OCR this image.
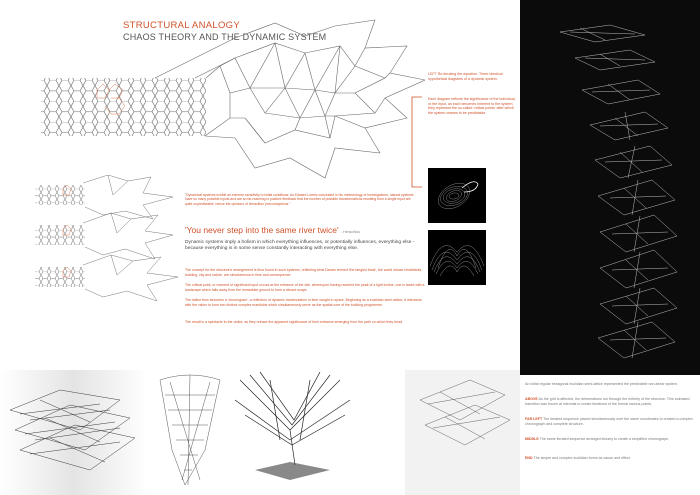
STRUCTURAL ANALOGY
CHAOS THEORY AND THE DYNAMIC SYSTEM
LEFT Re-iterating the equation. Three identical hypothetical diagrams of a dynamic system.
Each diagram reflects the significance of the individual, or the input, as each becomes inherent to the system, they represent the so-called 'critical points' after which the system ceases to be predictable.
"Dynamical systems exhibit an extreme sensitivity to initial conditions. As Edward Lorenz concluded in his meteorology of investigations, natural systems have so many possible inputs and are so far-reaching in positive feedback that the number of possible transformations resulting from a single input are quite unpredictable, hence the opinions of Heraclitus' preconceptions."
'You never step into the same river twice' - Heraclitus
Dynamic systems imply a holism in which everything influences, or potentially influences, everything else - because everything is in some sense constantly interacting with everything else.
The concept for the structure's arrangement is thus found in such systems, reflecting what Darwin termed 'the tangled bank', the world whose inhabitants, building, city and nature, are simultaneous in time and consequence.
The critical point, or moment of significant input occurs at the entrance of the site, whereupon having reached the peak of a light incline, one is faced with a landscape which falls away from the immediate ground to form a vibrant scape.
The lattice thus becomes a 'chronogram', a reflection of dynamic transmutation in time caught in space. Beginning as a euclidian semi-lattice, it intersects with the visitor to form two distinct complex manifolds which simultaneously serve as the spatial core of the building programme.
The result is a spectacle to the visitor, as they retrace the apparent significance of their entrance emerging from the path on which they tread.
An initial regular hexagonal euclidian semi-lattice represented the predictable non-linear system.
ABOVE As the grid is affected, the deformations run through the entirety of the structure. This animated transition was frozen at intervals to create iterations of the formal various points.
FAR LEFT The iterated sequence placed simultaneously over the same coordinates to created a complex chronograph and complete structure.
MIDDLE The same iterated sequence arranged linearly to create a simplified chronograph.
END The simple and complex euclidian forms as cause and effect.
